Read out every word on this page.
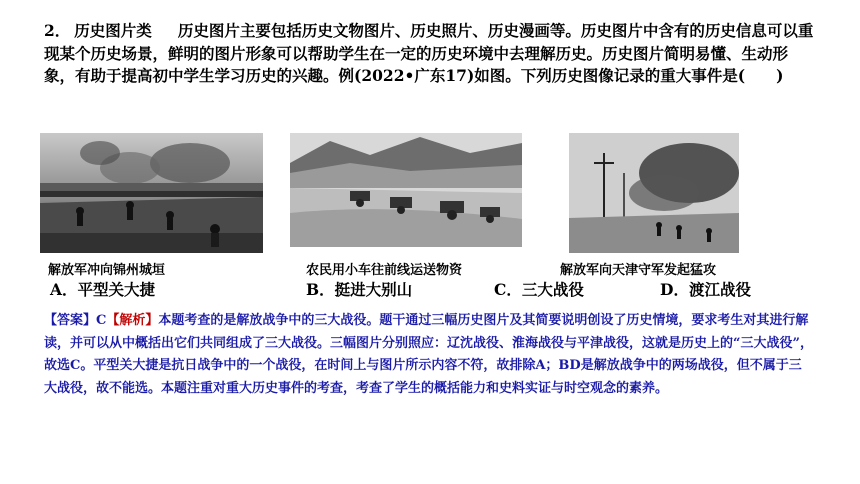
2． 历史图片类 历史图片主要包括历史文物图片、历史照片、历史漫画等。历史图片中含有的历史信息可以重现某个历史场景，鲜明的图片形象可以帮助学生在一定的历史环境中去理解历史。历史图片简明易懂、生动形象，有助于提高初中学生学习历史的兴趣。例(2022•广东17)如图。下列历史图像记录的重大事件是(　　)

解放军冲向锦州城垣	农民用小车往前线运送物资	解放军向天津守军发起猛攻
A．平型关大捷	B．挺进大别山	C．三大战役	D．渡江战役

【答案】C【解析】本题考查的是解放战争中的三大战役。题干通过三幅历史图片及其简要说明创设了历史情境，要求考生对其进行解读，并可以从中概括出它们共同组成了三大战役。三幅图片分别照应：辽沈战役、淮海战役与平津战役，这就是历史上的“三大战役”，故选C。平型关大捷是抗日战争中的一个战役，在时间上与图片所示内容不符，故排除A；BD是解放战争中的两场战役，但不属于三大战役，故不能选。本题注重对重大历史事件的考查，考查了学生的概括能力和史料实证与时空观念的素养。
